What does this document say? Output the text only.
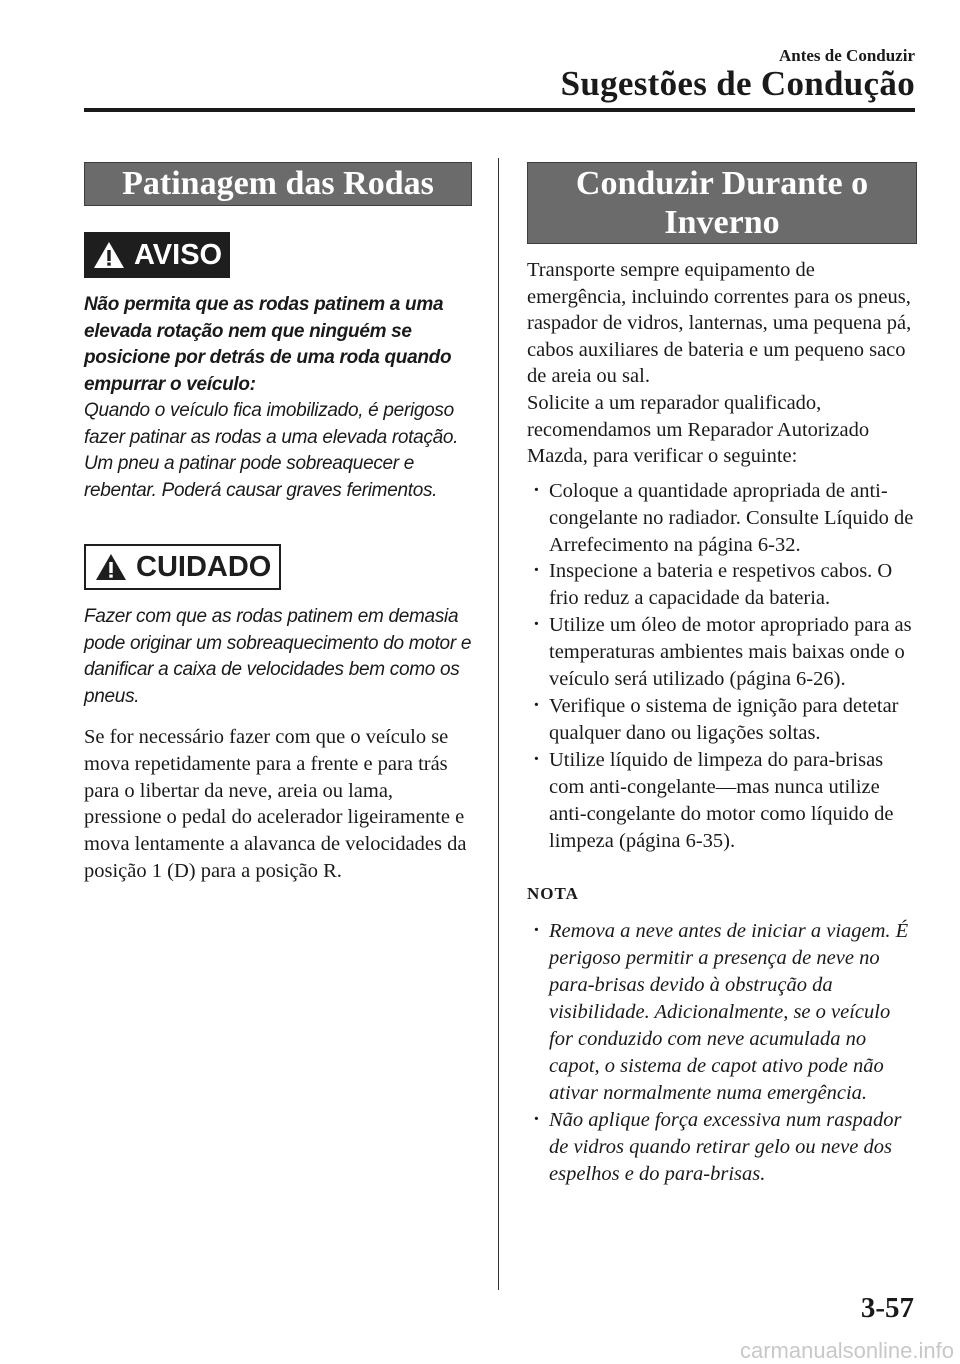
Antes de Conduzir
Sugestões de Condução
Patinagem das Rodas
AVISO
Não permita que as rodas patinem a uma elevada rotação nem que ninguém se posicione por detrás de uma roda quando empurrar o veículo:
Quando o veículo fica imobilizado, é perigoso fazer patinar as rodas a uma elevada rotação. Um pneu a patinar pode sobreaquecer e rebentar. Poderá causar graves ferimentos.
CUIDADO
Fazer com que as rodas patinem em demasia pode originar um sobreaquecimento do motor e danificar a caixa de velocidades bem como os pneus.
Se for necessário fazer com que o veículo se mova repetidamente para a frente e para trás para o libertar da neve, areia ou lama, pressione o pedal do acelerador ligeiramente e mova lentamente a alavanca de velocidades da posição 1 (D) para a posição R.
Conduzir Durante o
Inverno
Transporte sempre equipamento de emergência, incluindo correntes para os pneus, raspador de vidros, lanternas, uma pequena pá, cabos auxiliares de bateria e um pequeno saco de areia ou sal.
Solicite a um reparador qualificado, recomendamos um Reparador Autorizado Mazda, para verificar o seguinte:
· Coloque a quantidade apropriada de anti-congelante no radiador. Consulte Líquido de Arrefecimento na página 6-32.
· Inspecione a bateria e respetivos cabos. O frio reduz a capacidade da bateria.
· Utilize um óleo de motor apropriado para as temperaturas ambientes mais baixas onde o veículo será utilizado (página 6-26).
· Verifique o sistema de ignição para detetar qualquer dano ou ligações soltas.
· Utilize líquido de limpeza do para-brisas com anti-congelante—mas nunca utilize anti-congelante do motor como líquido de limpeza (página 6-35).
NOTA
· Remova a neve antes de iniciar a viagem. É perigoso permitir a presença de neve no para-brisas devido à obstrução da visibilidade. Adicionalmente, se o veículo for conduzido com neve acumulada no capot, o sistema de capot ativo pode não ativar normalmente numa emergência.
· Não aplique força excessiva num raspador de vidros quando retirar gelo ou neve dos espelhos e do para-brisas.
3-57
carmanualsonline.info
